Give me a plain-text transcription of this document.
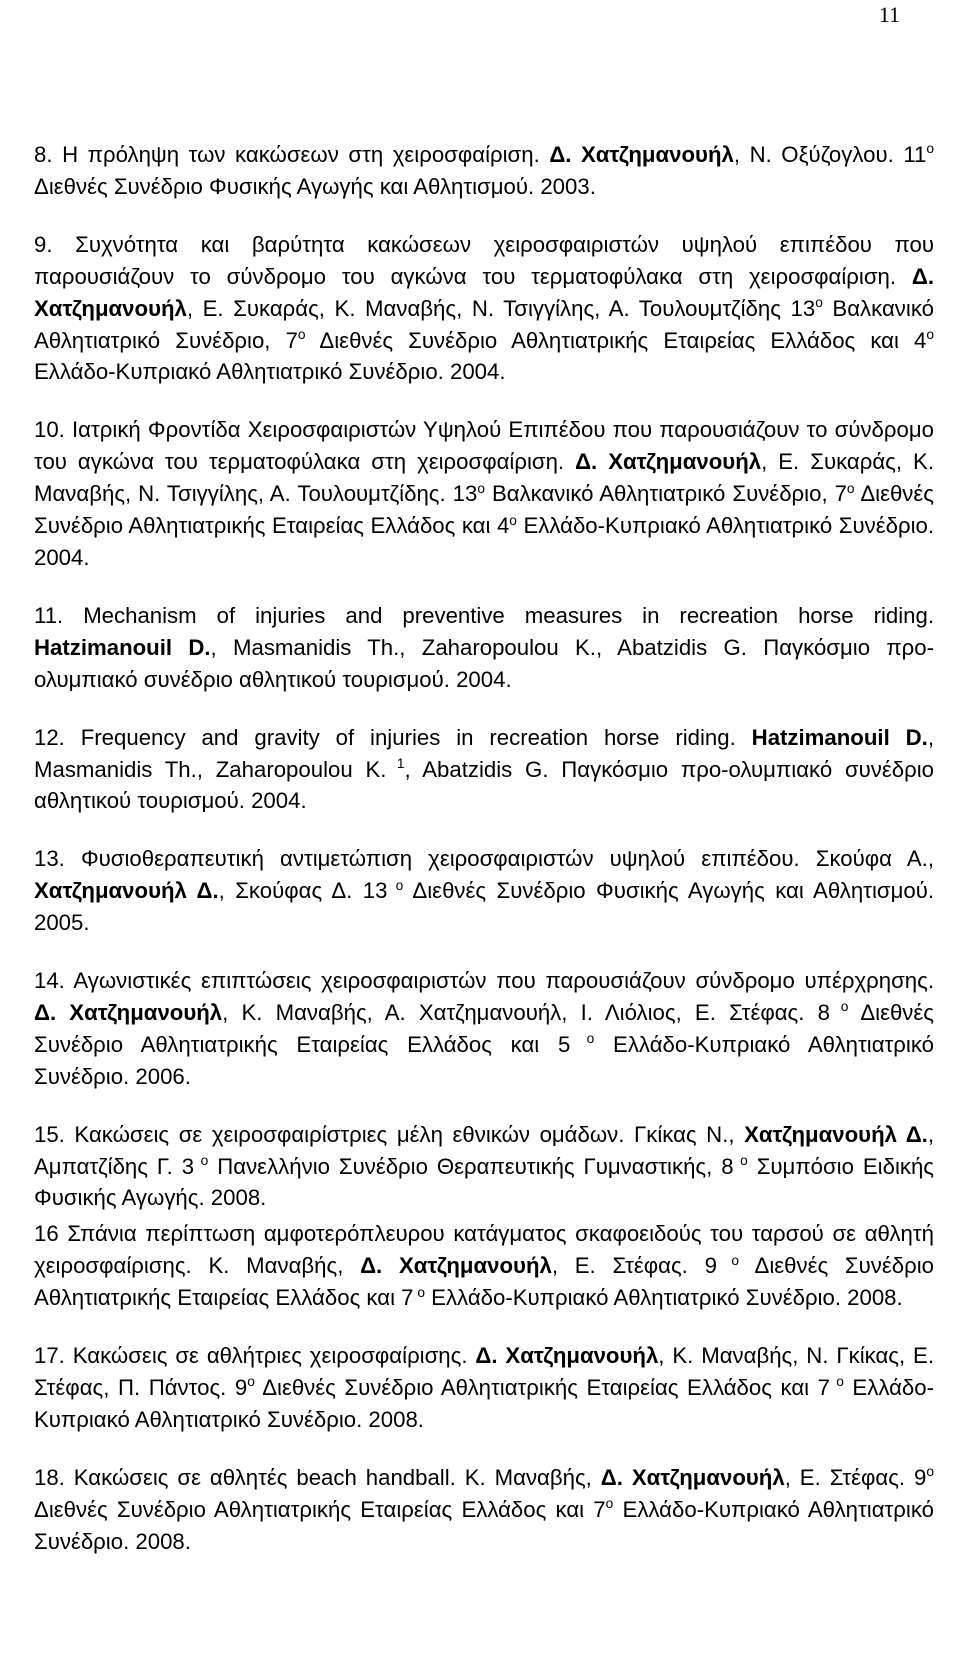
11

8. Η πρόληψη των κακώσεων στη χειροσφαίριση. Δ. Χατζημανουήλ, Ν. Οξύζογλου. $11^o$ Διεθνές Συνέδριο Φυσικής Αγωγής και Αθλητισμού. 2003.

9. Συχνότητα και βαρύτητα κακώσεων χειροσφαιριστών υψηλού επιπέδου που παρουσιάζουν το σύνδρομο του αγκώνα του τερματοφύλακα στη χειροσφαίριση. Δ. Χατζημανουήλ, Ε. Συκαράς, Κ. Μαναβής, Ν. Τσιγγίλης, Α. Τουλουμτζίδης $13^o$ Βαλκανικό Αθλητιατρικό Συνέδριο, $7^o$ Διεθνές Συνέδριο Αθλητιατρικής Εταιρείας Ελλάδος και $4^o$ Ελλάδο-Κυπριακό Αθλητιατρικό Συνέδριο. 2004.

10. Ιατρική Φροντίδα Χειροσφαιριστών Υψηλού Επιπέδου που παρουσιάζουν το σύνδρομο του αγκώνα του τερματοφύλακα στη χειροσφαίριση. Δ. Χατζημανουήλ, Ε. Συκαράς, Κ. Μαναβής, Ν. Τσιγγίλης, Α. Τουλουμτζίδης. $13^o$ Βαλκανικό Αθλητιατρικό Συνέδριο, $7^o$ Διεθνές Συνέδριο Αθλητιατρικής Εταιρείας Ελλάδος και $4^o$ Ελλάδο-Κυπριακό Αθλητιατρικό Συνέδριο. 2004.

11. Mechanism of injuries and preventive measures in recreation horse riding. Hatzimanouil D., Masmanidis Th., Zaharopoulou K., Abatzidis G. Παγκόσμιο προ-ολυμπιακό συνέδριο αθλητικού τουρισμού. 2004.

12. Frequency and gravity of injuries in recreation horse riding. Hatzimanouil D., Masmanidis Th., Zaharopoulou K. $^1$, Abatzidis G. Παγκόσμιο προ-ολυμπιακό συνέδριο αθλητικού τουρισμού. 2004.

13. Φυσιοθεραπευτική αντιμετώπιση χειροσφαιριστών υψηλού επιπέδου. Σκούφα Α., Χατζημανουήλ Δ., Σκούφας Δ. 13 $^o$ Διεθνές Συνέδριο Φυσικής Αγωγής και Αθλητισμού. 2005.

14. Αγωνιστικές επιπτώσεις χειροσφαιριστών που παρουσιάζουν σύνδρομο υπέρχρησης. Δ. Χατζημανουήλ, Κ. Μαναβής, Α. Χατζημανουήλ, Ι. Λιόλιος, Ε. Στέφας. 8 $^o$ Διεθνές Συνέδριο Αθλητιατρικής Εταιρείας Ελλάδος και 5 $^o$ Ελλάδο-Κυπριακό Αθλητιατρικό Συνέδριο. 2006.

15. Κακώσεις σε χειροσφαιρίστριες μέλη εθνικών ομάδων. Γκίκας Ν., Χατζημανουήλ Δ., Αμπατζίδης Γ. 3 $^o$ Πανελλήνιο Συνέδριο Θεραπευτικής Γυμναστικής, 8 $^o$ Συμπόσιο Ειδικής Φυσικής Αγωγής. 2008.

16 Σπάνια περίπτωση αμφοτερόπλευρου κατάγματος σκαφοειδούς του ταρσού σε αθλητή χειροσφαίρισης. Κ. Μαναβής, Δ. Χατζημανουήλ, Ε. Στέφας. 9 $^o$ Διεθνές Συνέδριο Αθλητιατρικής Εταιρείας Ελλάδος και 7 $^o$ Ελλάδο-Κυπριακό Αθλητιατρικό Συνέδριο. 2008.

17. Κακώσεις σε αθλήτριες χειροσφαίρισης. Δ. Χατζημανουήλ, Κ. Μαναβής, Ν. Γκίκας, Ε. Στέφας, Π. Πάντος. $9^o$ Διεθνές Συνέδριο Αθλητιατρικής Εταιρείας Ελλάδος και 7 $^o$ Ελλάδο-Κυπριακό Αθλητιατρικό Συνέδριο. 2008.

18. Κακώσεις σε αθλητές beach handball. Κ. Μαναβής, Δ. Χατζημανουήλ, Ε. Στέφας. $9^o$ Διεθνές Συνέδριο Αθλητιατρικής Εταιρείας Ελλάδος και $7^o$ Ελλάδο-Κυπριακό Αθλητιατρικό Συνέδριο. 2008.
